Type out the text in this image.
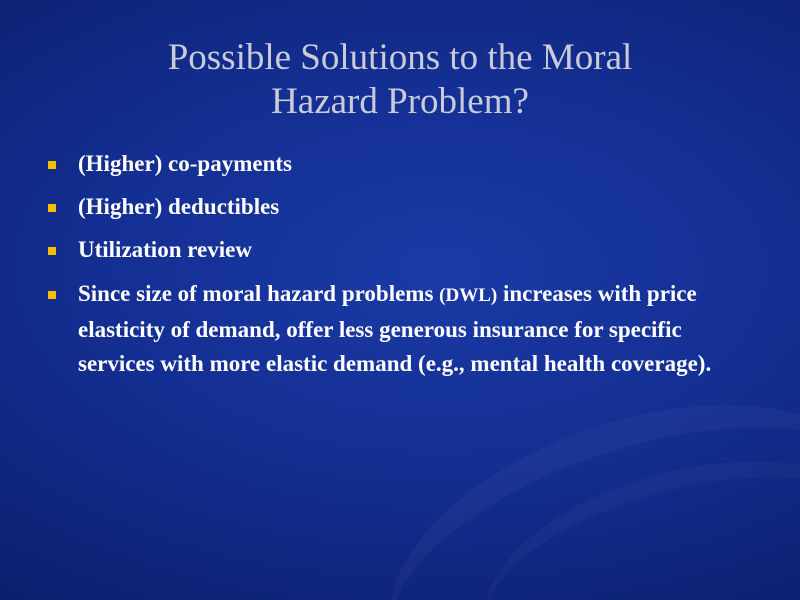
Possible Solutions to the Moral
Hazard Problem?
(Higher) co-payments
(Higher) deductibles
Utilization review
Since size of moral hazard problems (DWL) increases with price elasticity of demand, offer less generous insurance for specific services with more elastic demand (e.g., mental health coverage).
